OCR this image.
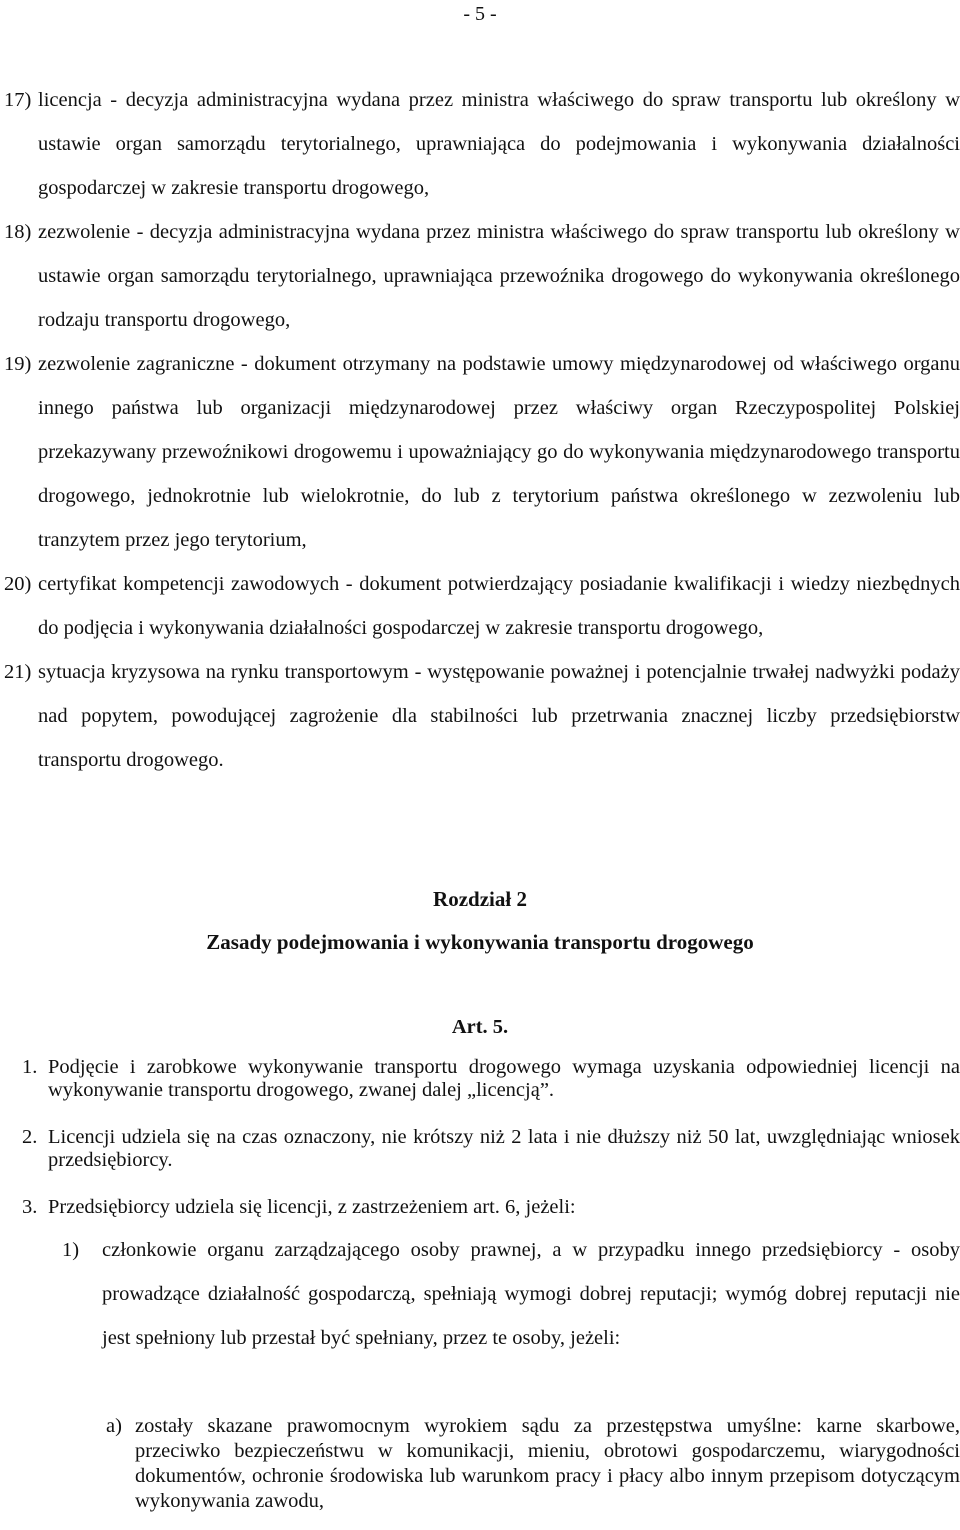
- 5 -
17) licencja - decyzja administracyjna wydana przez ministra właściwego do spraw transportu lub określony w ustawie organ samorządu terytorialnego, uprawniająca do podejmowania i wykonywania działalności gospodarczej w zakresie transportu drogowego,
18) zezwolenie - decyzja administracyjna wydana przez ministra właściwego do spraw transportu lub określony w ustawie organ samorządu terytorialnego, uprawniająca przewoźnika drogowego do wykonywania określonego rodzaju transportu drogowego,
19) zezwolenie zagraniczne - dokument otrzymany na podstawie umowy międzynarodowej od właściwego organu innego państwa lub organizacji międzynarodowej przez właściwy organ Rzeczypospolitej Polskiej przekazywany przewoźnikowi drogowemu i upoważniający go do wykonywania międzynarodowego transportu drogowego, jednokrotnie lub wielokrotnie, do lub z terytorium państwa określonego w zezwoleniu lub tranzytem przez jego terytorium,
20) certyfikat kompetencji zawodowych - dokument potwierdzający posiadanie kwalifikacji i wiedzy niezbędnych do podjęcia i wykonywania działalności gospodarczej w zakresie transportu drogowego,
21) sytuacja kryzysowa na rynku transportowym - występowanie poważnej i potencjalnie trwałej nadwyżki podaży nad popytem, powodującej zagrożenie dla stabilności lub przetrwania znacznej liczby przedsiębiorstw transportu drogowego.
Rozdział 2
Zasady podejmowania i wykonywania transportu drogowego
Art. 5.
1. Podjęcie i zarobkowe wykonywanie transportu drogowego wymaga uzyskania odpowiedniej licencji na wykonywanie transportu drogowego, zwanej dalej „licencją”.
2. Licencji udziela się na czas oznaczony, nie krótszy niż 2 lata i nie dłuższy niż 50 lat, uwzględniając wniosek przedsiębiorcy.
3. Przedsiębiorcy udziela się licencji, z zastrzeżeniem art. 6, jeżeli:
1)	członkowie organu zarządzającego osoby prawnej, a w przypadku innego przedsiębiorcy - osoby prowadzące działalność gospodarczą, spełniają wymogi dobrej reputacji; wymóg dobrej reputacji nie jest spełniony lub przestał być spełniany, przez te osoby, jeżeli:
a) zostały skazane prawomocnym wyrokiem sądu za przestępstwa umyślne: karne skarbowe, przeciwko bezpieczeństwu w komunikacji, mieniu, obrotowi gospodarczemu, wiarygodności dokumentów, ochronie środowiska lub warunkom pracy i płacy albo innym przepisom dotyczącym wykonywania zawodu,
